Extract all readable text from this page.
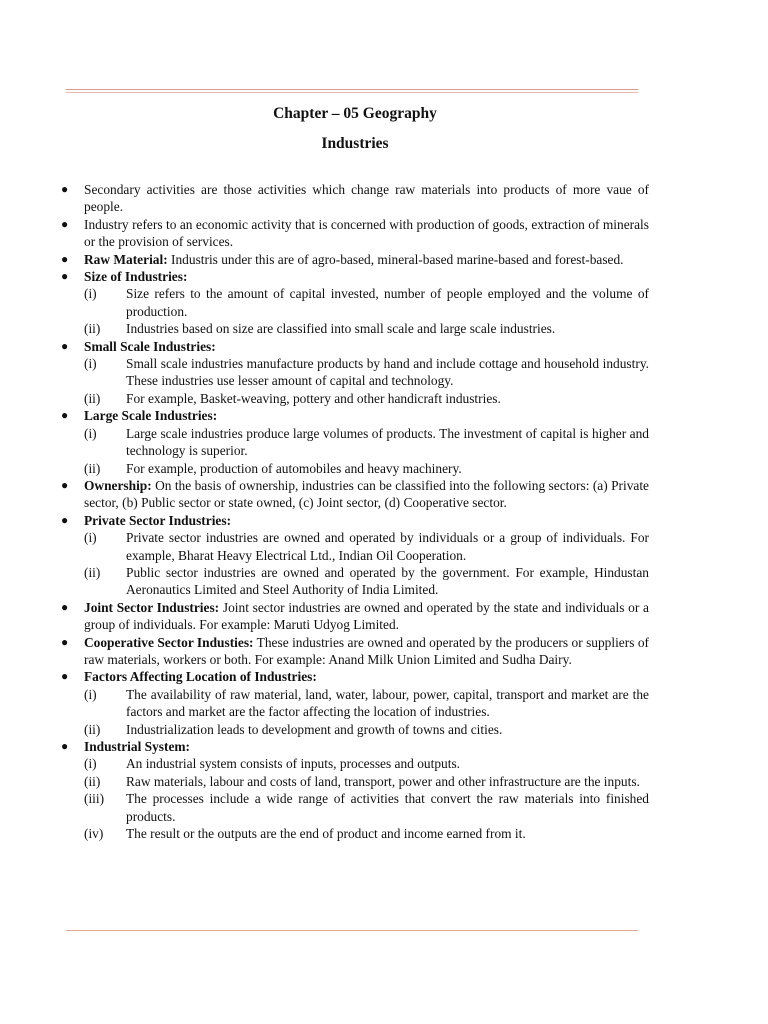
Chapter – 05 Geography
Industries
● Secondary activities are those activities which change raw materials into products of more vaue of people.
● Industry refers to an economic activity that is concerned with production of goods, extraction of minerals or the provision of services.
● Raw Material: Industris under this are of agro-based, mineral-based marine-based and forest-based.
● Size of Industries:
(i) Size refers to the amount of capital invested, number of people employed and the volume of production.
(ii) Industries based on size are classified into small scale and large scale industries.
● Small Scale Industries:
(i) Small scale industries manufacture products by hand and include cottage and household industry. These industries use lesser amount of capital and technology.
(ii) For example, Basket-weaving, pottery and other handicraft industries.
● Large Scale Industries:
(i) Large scale industries produce large volumes of products. The investment of capital is higher and technology is superior.
(ii) For example, production of automobiles and heavy machinery.
● Ownership: On the basis of ownership, industries can be classified into the following sectors: (a) Private sector, (b) Public sector or state owned, (c) Joint sector, (d) Cooperative sector.
● Private Sector Industries:
(i) Private sector industries are owned and operated by individuals or a group of individuals. For example, Bharat Heavy Electrical Ltd., Indian Oil Cooperation.
(ii) Public sector industries are owned and operated by the government. For example, Hindustan Aeronautics Limited and Steel Authority of India Limited.
● Joint Sector Industries: Joint sector industries are owned and operated by the state and individuals or a group of individuals. For example: Maruti Udyog Limited.
● Cooperative Sector Industies: These industries are owned and operated by the producers or suppliers of raw materials, workers or both. For example: Anand Milk Union Limited and Sudha Dairy.
● Factors Affecting Location of Industries:
(i) The availability of raw material, land, water, labour, power, capital, transport and market are the factors and market are the factor affecting the location of industries.
(ii) Industrialization leads to development and growth of towns and cities.
● Industrial System:
(i) An industrial system consists of inputs, processes and outputs.
(ii) Raw materials, labour and costs of land, transport, power and other infrastructure are the inputs.
(iii) The processes include a wide range of activities that convert the raw materials into finished products.
(iv) The result or the outputs are the end of product and income earned from it.
